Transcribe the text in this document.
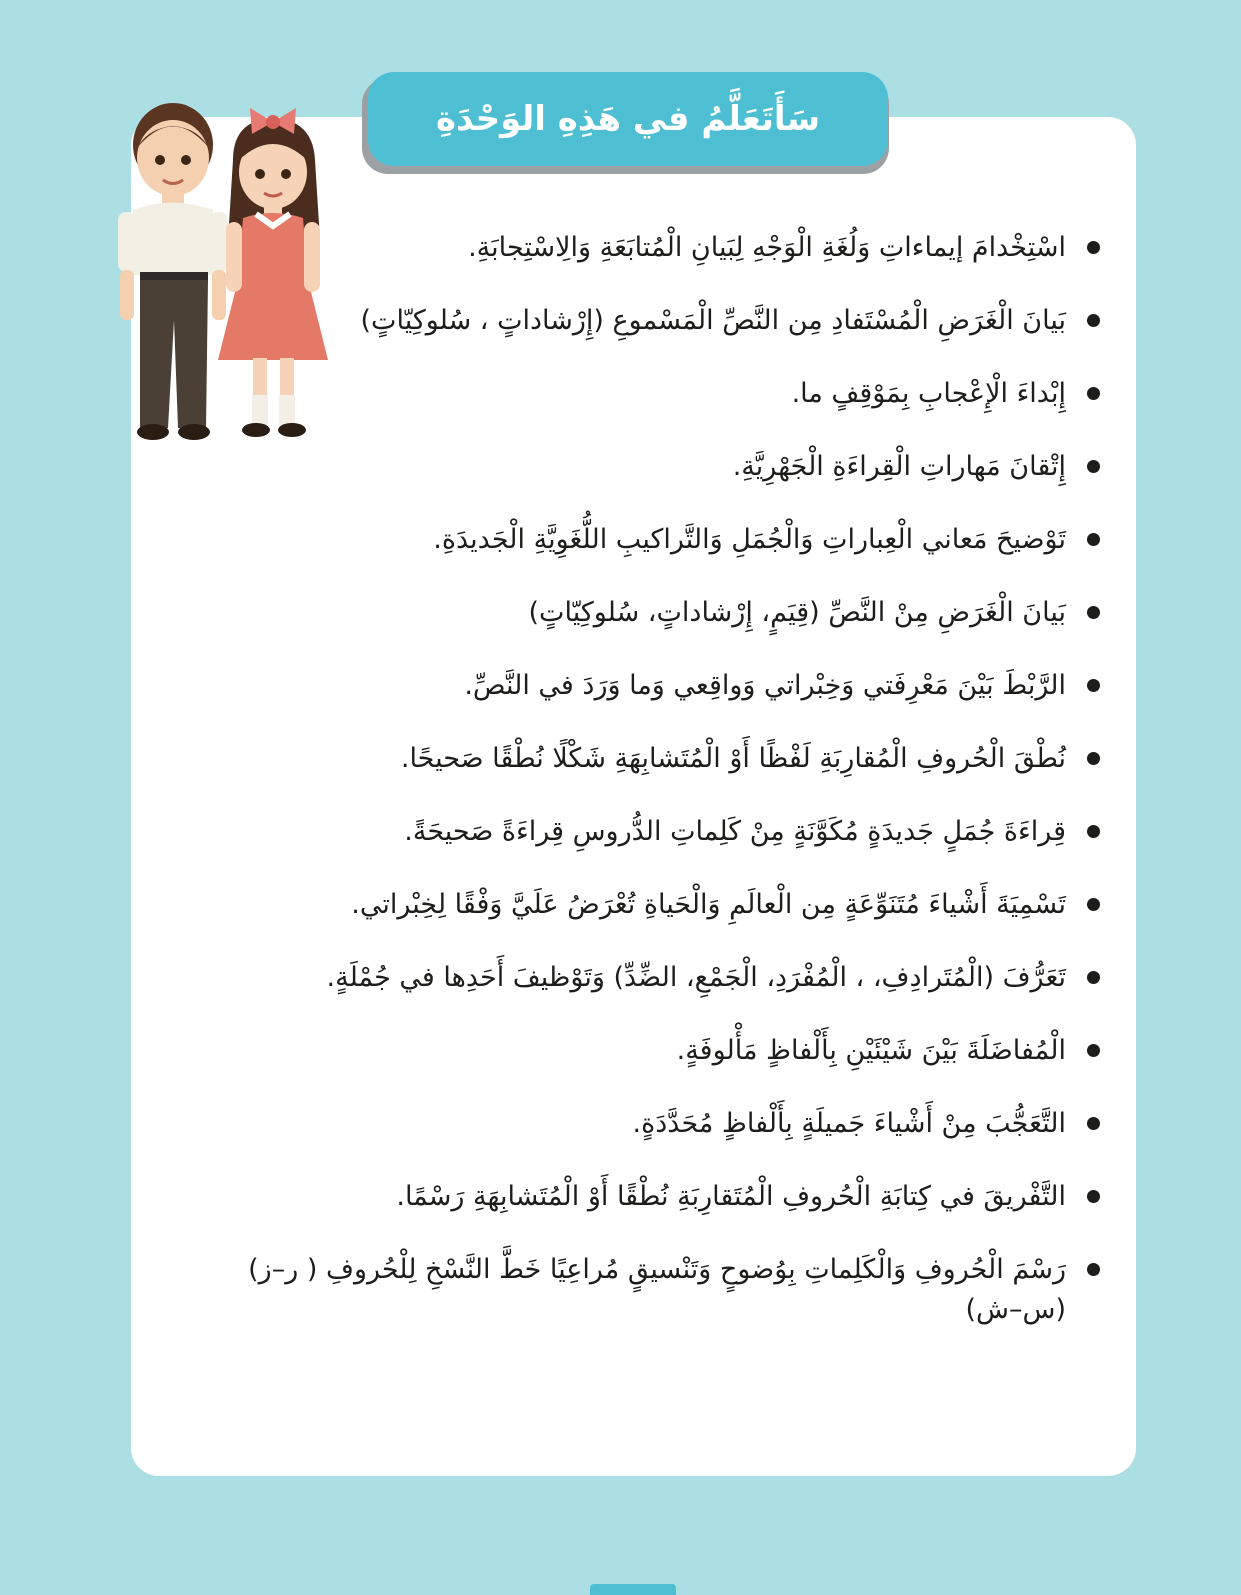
سَأَتَعَلَّمُ في هَذِهِ الوَحْدَةِ
اسْتِخْدامَ إيماءاتِ وَلُغَةِ الْوَجْهِ لِبَيانِ الْمُتابَعَةِ وَالِاسْتِجابَةِ.
بَيانَ الْغَرَضِ الْمُسْتَفادِ مِن النَّصِّ الْمَسْموعِ (إِرْشاداتٍ ، سُلوكِيّاتٍ)
إِبْداءَ الْإِعْجابِ بِمَوْقِفٍ ما.
إِتْقانَ مَهاراتِ الْقِراءَةِ الْجَهْرِيَّةِ.
تَوْضيحَ مَعاني الْعِباراتِ وَالْجُمَلِ وَالتَّراكيبِ اللُّغَوِيَّةِ الْجَديدَةِ.
بَيانَ الْغَرَضِ مِنْ النَّصِّ (قِيَمٍ، إِرْشاداتٍ، سُلوكِيّاتٍ)
الرَّبْطَ بَيْنَ مَعْرِفَتي وَخِبْراتي وَواقِعي وَما وَرَدَ في النَّصِّ.
نُطْقَ الْحُروفِ الْمُقارِبَةِ لَفْظًا أَوْ الْمُتَشابِهَةِ شَكْلًا نُطْقًا صَحيحًا.
قِراءَةَ جُمَلٍ جَديدَةٍ مُكَوَّنَةٍ مِنْ كَلِماتِ الدُّروسِ قِراءَةً صَحيحَةً.
تَسْمِيَةَ أَشْياءَ مُتَنَوِّعَةٍ مِن الْعالَمِ وَالْحَياةِ تُعْرَضُ عَلَيَّ وَفْقًا لِخِبْراتي.
تَعَرُّفَ (الْمُتَرادِفِ، ، الْمُفْرَدِ، الْجَمْعِ، الضِّدِّ) وَتَوْظيفَ أَحَدِها في جُمْلَةٍ.
الْمُفاضَلَةَ بَيْنَ شَيْئَيْنِ بِأَلْفاظٍ مَأْلوفَةٍ.
التَّعَجُّبَ مِنْ أَشْياءَ جَميلَةٍ بِأَلْفاظٍ مُحَدَّدَةٍ.
التَّفْريقَ في كِتابَةِ الْحُروفِ الْمُتَقارِبَةِ نُطْقًا أَوْ الْمُتَشابِهَةِ رَسْمًا.
رَسْمَ الْحُروفِ وَالْكَلِماتِ بِوُضوحٍ وَتَنْسيقٍ مُراعِيًا خَطَّ النَّسْخِ لِلْحُروفِ ( ر–ز) (س–ش)
